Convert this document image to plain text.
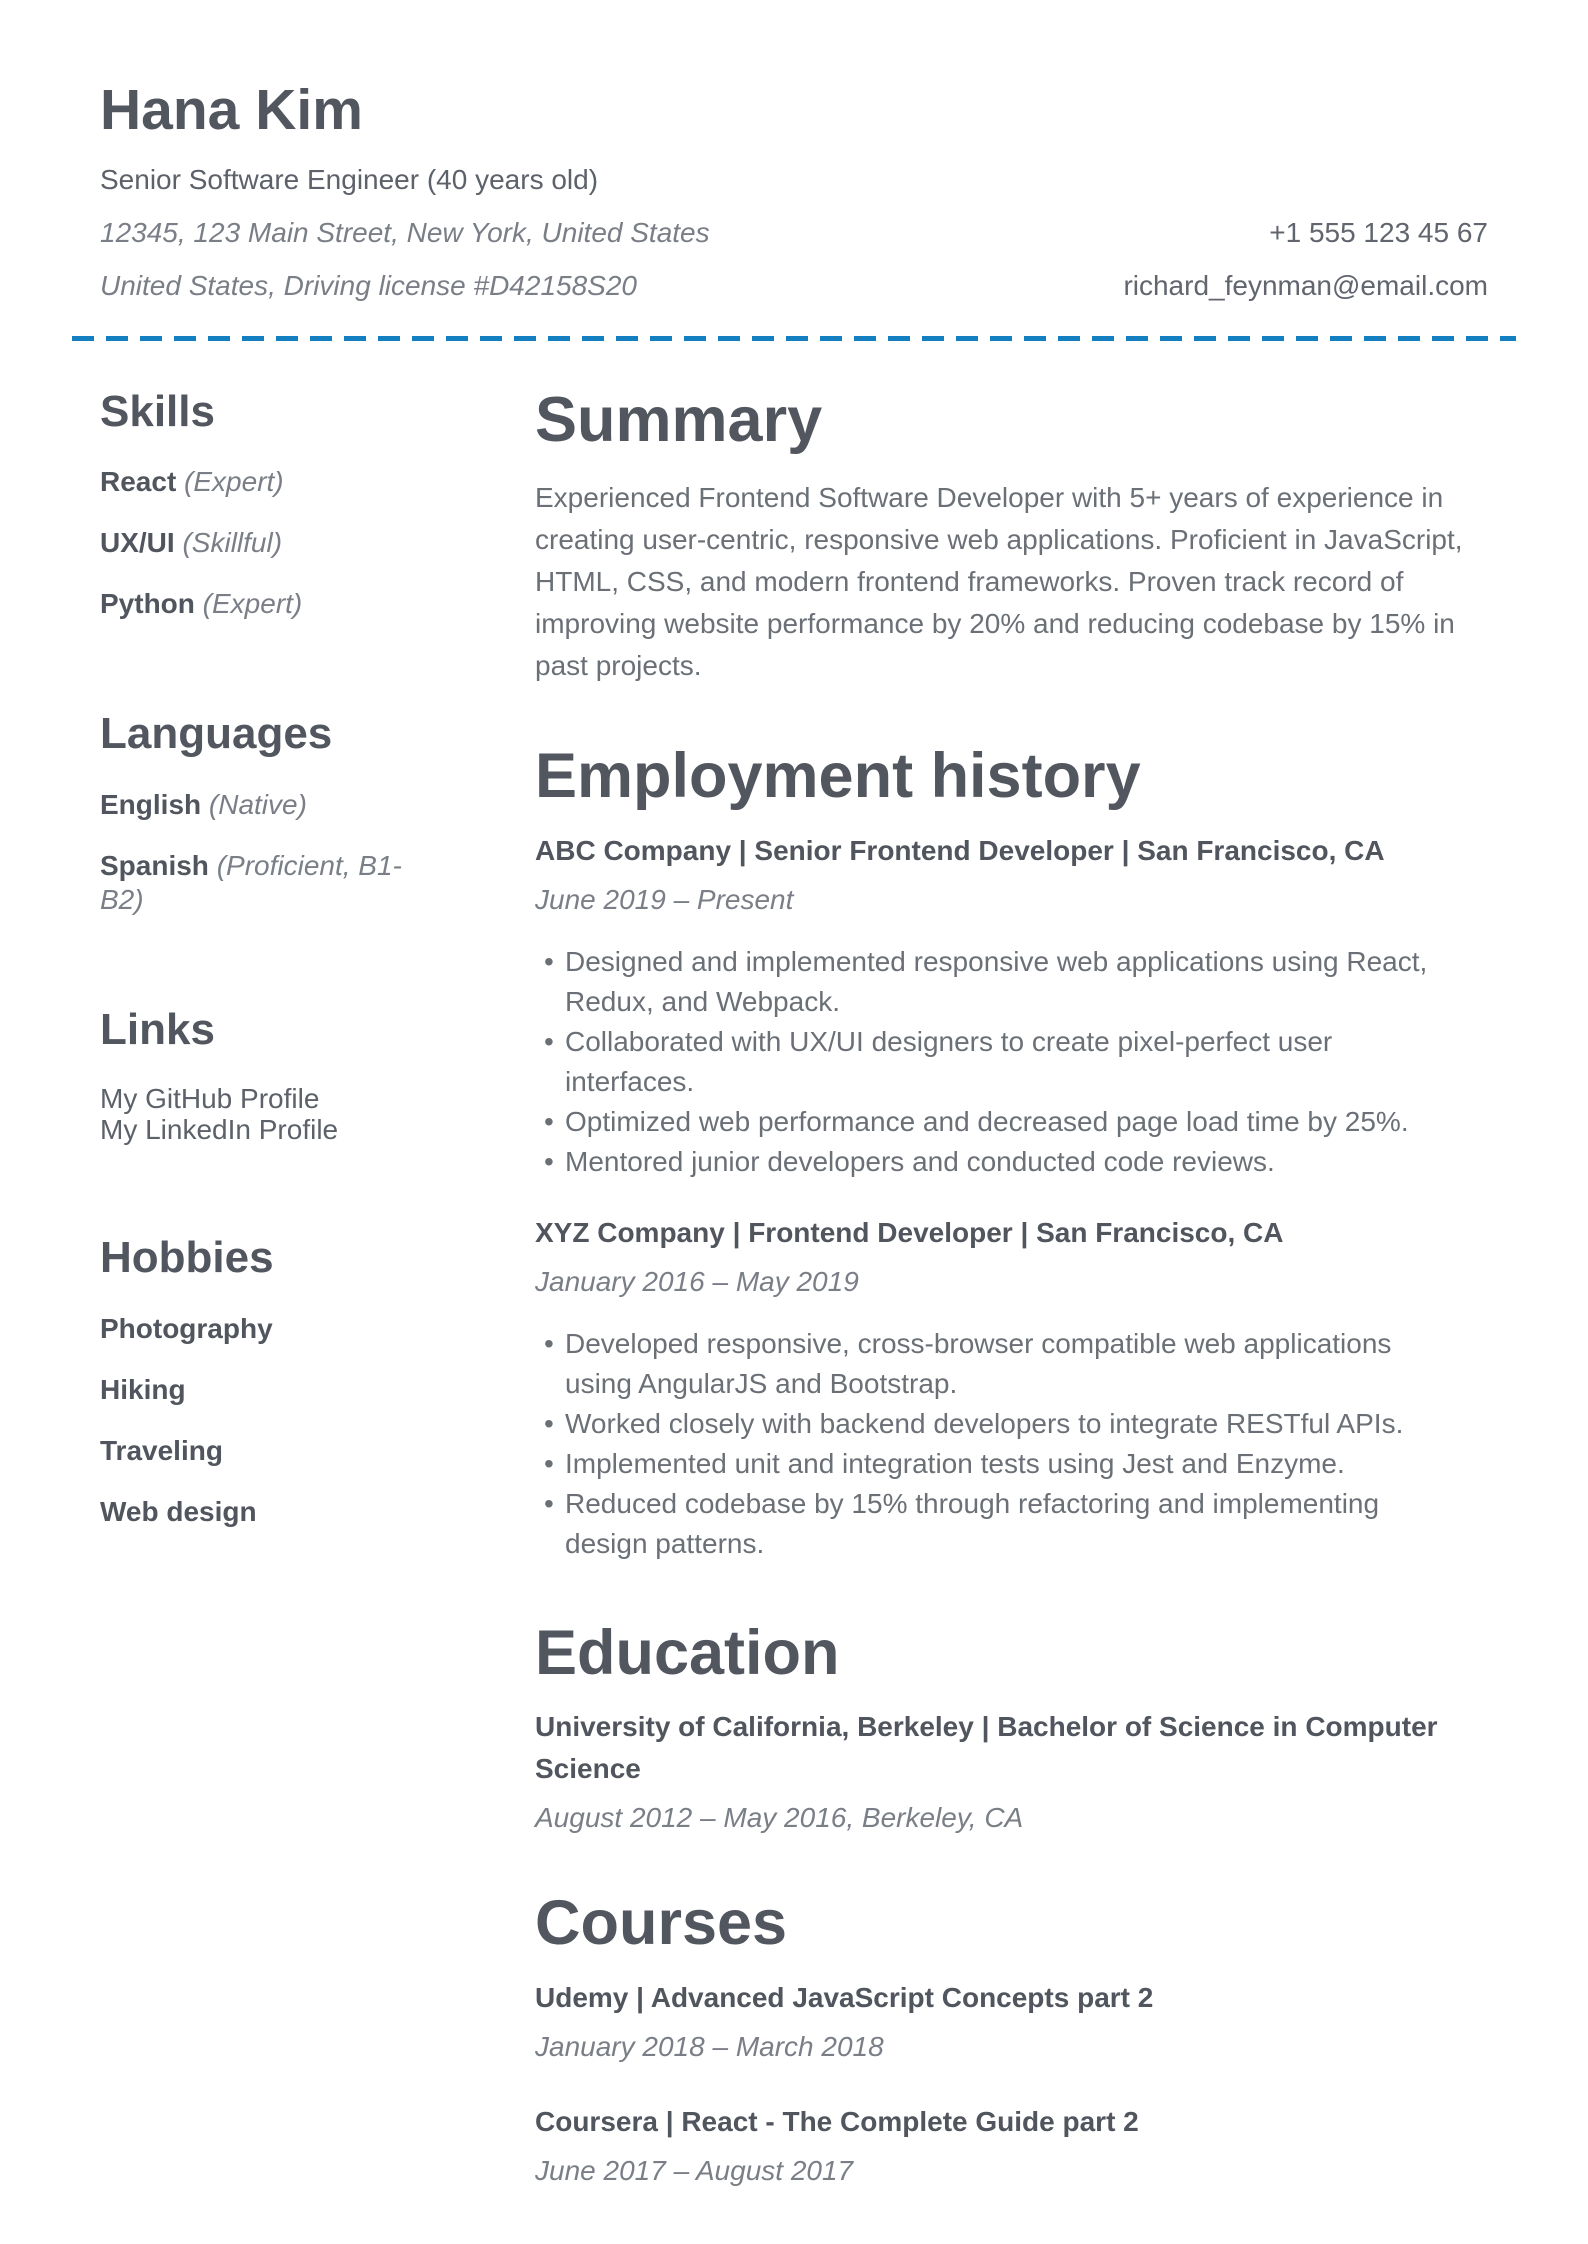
Hana Kim
Senior Software Engineer (40 years old)
12345, 123 Main Street, New York, United States
United States, Driving license #D42158S20
+1 555 123 45 67
richard_feynman@email.com
Skills
React (Expert)
UX/UI (Skillful)
Python (Expert)
Languages
English (Native)
Spanish (Proficient, B1-B2)
Links
My GitHub Profile
My LinkedIn Profile
Hobbies
Photography
Hiking
Traveling
Web design
Summary

Experienced Frontend Software Developer with 5+ years of experience in creating user-centric, responsive web applications. Proficient in JavaScript, HTML, CSS, and modern frontend frameworks. Proven track record of improving website performance by 20% and reducing codebase by 15% in past projects.

Employment history
ABC Company | Senior Frontend Developer | San Francisco, CA
June 2019 – Present
• Designed and implemented responsive web applications using React, Redux, and Webpack.
• Collaborated with UX/UI designers to create pixel-perfect user interfaces.
• Optimized web performance and decreased page load time by 25%.
• Mentored junior developers and conducted code reviews.
XYZ Company | Frontend Developer | San Francisco, CA
January 2016 – May 2019
• Developed responsive, cross-browser compatible web applications using AngularJS and Bootstrap.
• Worked closely with backend developers to integrate RESTful APIs.
• Implemented unit and integration tests using Jest and Enzyme.
• Reduced codebase by 15% through refactoring and implementing design patterns.
Education
University of California, Berkeley | Bachelor of Science in Computer Science
August 2012 – May 2016, Berkeley, CA
Courses
Udemy | Advanced JavaScript Concepts part 2
January 2018 – March 2018
Coursera | React - The Complete Guide part 2
June 2017 – August 2017
